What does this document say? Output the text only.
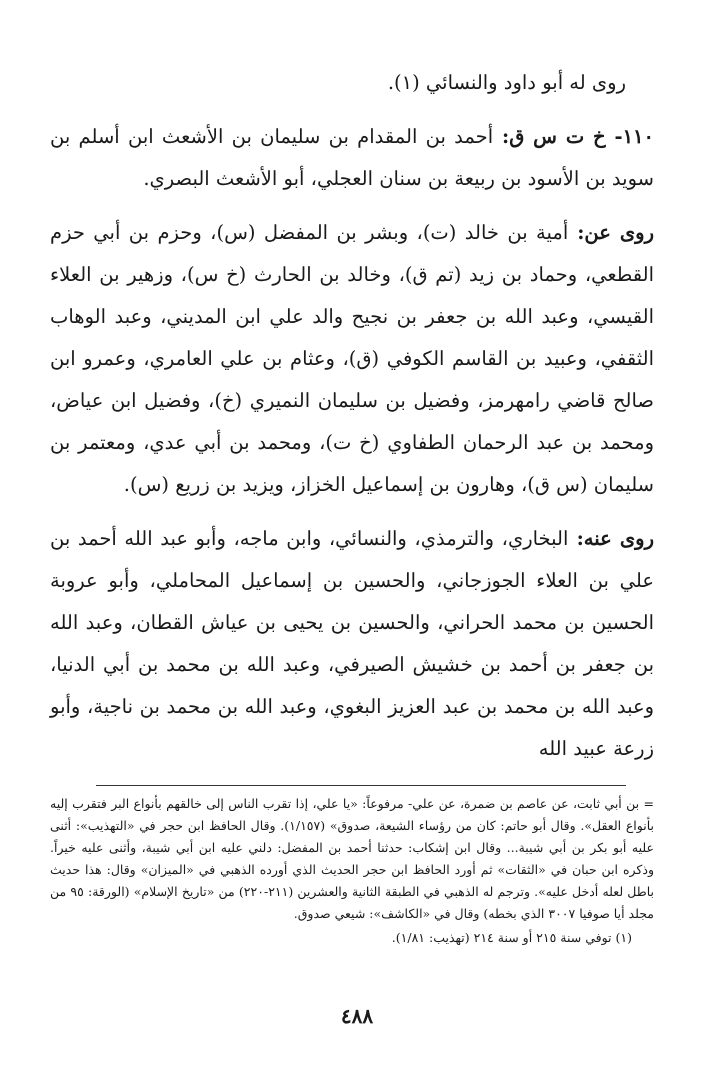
روى له أبو داود والنسائي (١).

١١٠- خ ت س ق: أحمد بن المقدام بن سليمان بن الأشعث ابن أسلم بن سويد بن الأسود بن ربيعة بن سنان العجلي، أبو الأشعث البصري.

روى عن: أمية بن خالد (ت)، وبشر بن المفضل (س)، وحزم بن أبي حزم القطعي، وحماد بن زيد (تم ق)، وخالد بن الحارث (خ س)، وزهير بن العلاء القيسي، وعبد الله بن جعفر بن نجيح والد علي ابن المديني، وعبد الوهاب الثقفي، وعبيد بن القاسم الكوفي (ق)، وعثام بن علي العامري، وعمرو ابن صالح قاضي رامهرمز، وفضيل بن سليمان النميري (خ)، وفضيل ابن عياض، ومحمد بن عبد الرحمان الطفاوي (خ ت)، ومحمد بن أبي عدي، ومعتمر بن سليمان (س ق)، وهارون بن إسماعيل الخزاز، ويزيد بن زريع (س).

روى عنه: البخاري، والترمذي، والنسائي، وابن ماجه، وأبو عبد الله أحمد بن علي بن العلاء الجوزجاني، والحسين بن إسماعيل المحاملي، وأبو عروبة الحسين بن محمد الحراني، والحسين بن يحيى بن عياش القطان، وعبد الله بن جعفر بن أحمد بن خشيش الصيرفي، وعبد الله بن محمد بن أبي الدنيا، وعبد الله بن محمد بن عبد العزيز البغوي، وعبد الله بن محمد بن ناجية، وأبو زرعة عبيد الله

= بن أبي ثابت، عن عاصم بن ضمرة، عن علي- مرفوعاً: «يا علي، إذا تقرب الناس إلى خالقهم بأنواع البر فتقرب إليه بأنواع العقل». وقال أبو حاتم: كان من رؤساء الشيعة، صدوق» (١/١٥٧). وقال الحافظ ابن حجر في «التهذيب»: أثنى عليه أبو بكر بن أبي شيبة... وقال ابن إشكاب: حدثنا أحمد بن المفضل: دلني عليه ابن أبي شيبة، وأثنى عليه خيراً. وذكره ابن حبان في «الثقات» ثم أورد الحافظ ابن حجر الحديث الذي أورده الذهبي في «الميزان» وقال: هذا حديث باطل لعله أدخل عليه». وترجم له الذهبي في الطبقة الثانية والعشرين (٢١١-٢٢٠) من «تاريخ الإسلام» (الورقة: ٩٥ من مجلد أيا صوفيا ٣٠٠٧ الذي بخطه) وقال في «الكاشف»: شيعي صدوق.

(١) توفي سنة ٢١٥ أو سنة ٢١٤ (تهذيب: ١/٨١).

٤٨٨
